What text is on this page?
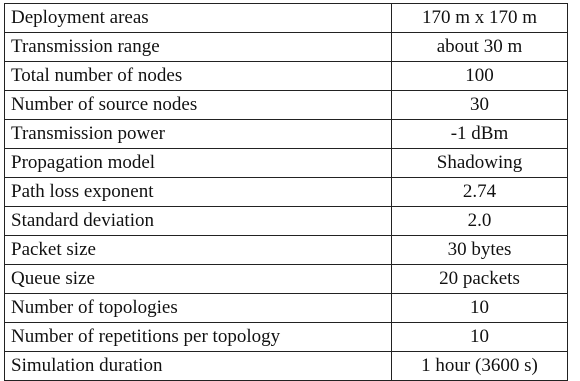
Deployment areas	170 m x 170 m
Transmission range	about 30 m
Total number of nodes	100
Number of source nodes	30
Transmission power	-1 dBm
Propagation model	Shadowing
Path loss exponent	2.74
Standard deviation	2.0
Packet size	30 bytes
Queue size	20 packets
Number of topologies	10
Number of repetitions per topology	10
Simulation duration	1 hour (3600 s)
